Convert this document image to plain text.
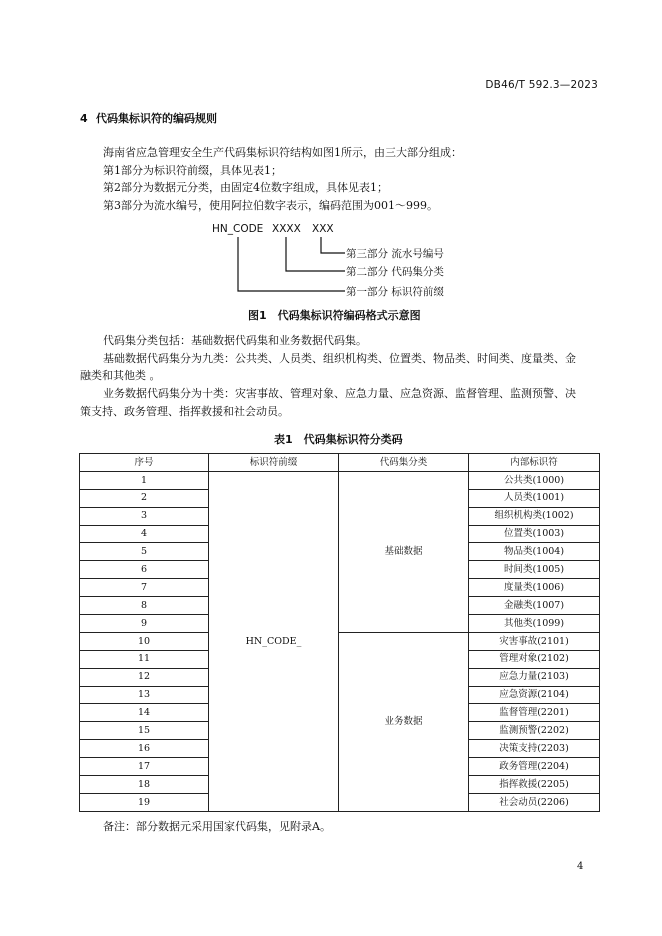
DB46/T 592.3—2023
4 代码集标识符的编码规则
海南省应急管理安全生产代码集标识符结构如图1所示，由三大部分组成：
第1部分为标识符前缀，具体见表1；
第2部分为数据元分类，由固定4位数字组成，具体见表1；
第3部分为流水编号，使用阿拉伯数字表示，编码范围为001～999。
HN_CODE XXXX XXX
第三部分 流水号编号
第二部分 代码集分类
第一部分 标识符前缀
图1　代码集标识符编码格式示意图
代码集分类包括：基础数据代码集和业务数据代码集。
基础数据代码集分为九类：公共类、人员类、组织机构类、位置类、物品类、时间类、度量类、金
融类和其他类 。
业务数据代码集分为十类：灾害事故、管理对象、应急力量、应急资源、监督管理、监测预警、决
策支持、政务管理、指挥救援和社会动员。
表1　代码集标识符分类码
序号	标识符前缀	代码集分类	内部标识符
1	HN_CODE_	基础数据	公共类(1000)
2			人员类(1001)
3			组织机构类(1002)
4			位置类(1003)
5			物品类(1004)
6			时间类(1005)
7			度量类(1006)
8			金融类(1007)
9			其他类(1099)
10		业务数据	灾害事故(2101)
11			管理对象(2102)
12			应急力量(2103)
13			应急资源(2104)
14			监督管理(2201)
15			监测预警(2202)
16			决策支持(2203)
17			政务管理(2204)
18			指挥救援(2205)
19			社会动员(2206)
备注：部分数据元采用国家代码集，见附录A。
4
